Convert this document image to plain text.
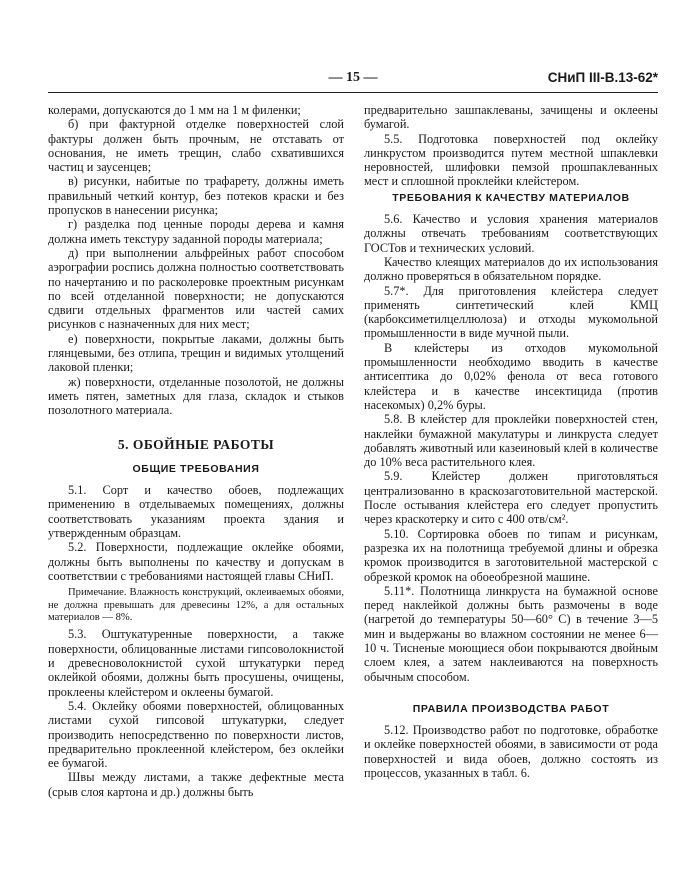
— 15 —	СНиП III-В.13-62*

колерами, допускаются до 1 мм на 1 м филенки;

б) при фактурной отделке поверхностей слой фактуры должен быть прочным, не отставать от основания, не иметь трещин, слабо схватившихся частиц и заусенцев;

в) рисунки, набитые по трафарету, должны иметь правильный четкий контур, без потеков краски и без пропусков в нанесении рисунка;

г) разделка под ценные породы дерева и камня должна иметь текстуру заданной породы материала;

д) при выполнении альфрейных работ способом аэрографии роспись должна полностью соответствовать по начертанию и по расколеровке проектным рисункам по всей отделанной поверхности; не допускаются сдвиги отдельных фрагментов или частей самих рисунков с назначенных для них мест;

е) поверхности, покрытые лаками, должны быть глянцевыми, без отлипа, трещин и видимых утолщений лаковой пленки;

ж) поверхности, отделанные позолотой, не должны иметь пятен, заметных для глаза, складок и стыков позолотного материала.

5. ОБОЙНЫЕ РАБОТЫ
ОБЩИЕ ТРЕБОВАНИЯ

5.1. Сорт и качество обоев, подлежащих применению в отделываемых помещениях, должны соответствовать указаниям проекта здания и утвержденным образцам.

5.2. Поверхности, подлежащие оклейке обоями, должны быть выполнены по качеству и допускам в соответствии с требованиями настоящей главы СНиП.

Примечание. Влажность конструкций, оклеиваемых обоями, не должна превышать для древесины 12%, а для остальных материалов — 8%.

5.3. Оштукатуренные поверхности, а также поверхности, облицованные листами гипсоволокнистой и древесноволокнистой сухой штукатурки перед оклейкой обоями, должны быть просушены, очищены, проклеены клейстером и оклеены бумагой.

5.4. Оклейку обоями поверхностей, облицованных листами сухой гипсовой штукатурки, следует производить непосредственно по поверхности листов, предварительно проклеенной клейстером, без оклейки ее бумагой.

Швы между листами, а также дефектные места (срыв слоя картона и др.) должны быть

предварительно зашпаклеваны, зачищены и оклеены бумагой.

5.5. Подготовка поверхностей под оклейку линкрустом производится путем местной шпаклевки неровностей, шлифовки пемзой прошпаклеванных мест и сплошной проклейки клейстером.

ТРЕБОВАНИЯ К КАЧЕСТВУ МАТЕРИАЛОВ

5.6. Качество и условия хранения материалов должны отвечать требованиям соответствующих ГОСТов и технических условий.

Качество клеящих материалов до их использования должно проверяться в обязательном порядке.

5.7*. Для приготовления клейстера следует применять синтетический клей КМЦ (карбоксиметилцеллюлоза) и отходы мукомольной промышленности в виде мучной пыли.

В клейстеры из отходов мукомольной промышленности необходимо вводить в качестве антисептика до 0,02% фенола от веса готового клейстера и в качестве инсектицида (против насекомых) 0,2% буры.

5.8. В клейстер для проклейки поверхностей стен, наклейки бумажной макулатуры и линкруста следует добавлять животный или казеиновый клей в количестве до 10% веса растительного клея.

5.9. Клейстер должен приготовляться централизованно в краскозаготовительной мастерской. После остывания клейстера его следует пропустить через краскотерку и сито с 400 отв/см².

5.10. Сортировка обоев по типам и рисункам, разрезка их на полотнища требуемой длины и обрезка кромок производится в заготовительной мастерской с обрезкой кромок на обоеобрезной машине.

5.11*. Полотнища линкруста на бумажной основе перед наклейкой должны быть размочены в воде (нагретой до температуры 50—60° С) в течение 3—5 мин и выдержаны во влажном состоянии не менее 6—10 ч. Тисненые моющиеся обои покрываются двойным слоем клея, а затем наклеиваются на поверхность обычным способом.

ПРАВИЛА ПРОИЗВОДСТВА РАБОТ

5.12. Производство работ по подготовке, обработке и оклейке поверхностей обоями, в зависимости от рода поверхностей и вида обоев, должно состоять из процессов, указанных в табл. 6.
